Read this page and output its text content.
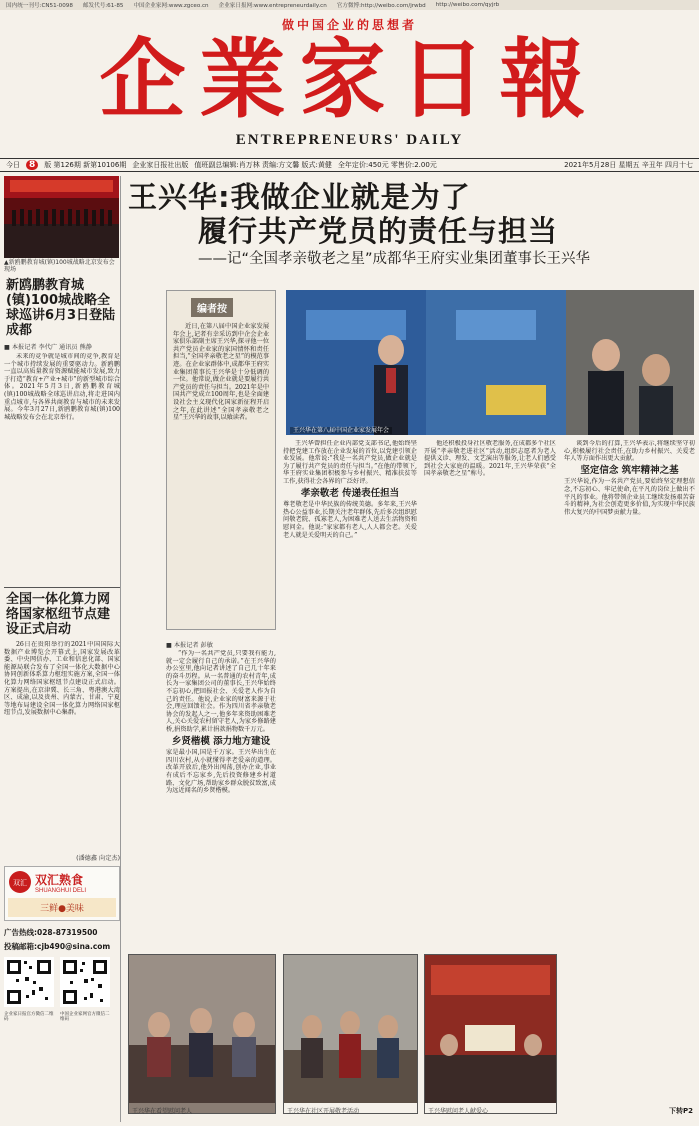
国内统一刊号:CN51-0098 邮发代号:61-85 中国企业家网:www.zgceo.cn 企业家日报网:www.entrepreneurdaily.cn 官方微博:http://weibo.com/jrwbd http://weibo.com/qyjrb
做中国企业的思想者
企業家日報
ENTREPRENEURS' DAILY
今日	8	版 第126期 新第10106期 企业家日报社出版 值班副总编辑:肖万林 责编:方文馨 版式:黄健 全年定价:450元 零售价:2.00元	2021年5月28日 星期五 辛丑年 四月十七
▲新鸥鹏教育城(镇)100城战略北京发布会现场
新鸥鹏教育城(镇)100城战略全球巡讲6月3日登陆成都
■ 本报记者 李代广 通讯员 熊静
未来的竞争就是城市间的竞争,教育是一个城市持续发展的重要驱动力。新鸥鹏一直以高质量教育资源赋能城市发展,致力于打造“教育+产业+城市”的新型城市综合体。2021年5月3日,新鸥鹏教育城(镇)100城战略全球巡讲启动,将走进国内重点城市,与各界共商教育与城市的未来发展。今年3月27日,新鸥鹏教育城(镇)100城战略发布会在北京举行。
全国一体化算力网络国家枢纽节点建设正式启动
26日在贵阳举行的2021中国国际大数据产业博览会开幕式上,国家发展改革委、中央网信办、工业和信息化部、国家能源局联合发布了全国一体化大数据中心协同创新体系算力枢纽实施方案,全国一体化算力网络国家枢纽节点建设正式启动。方案提出,在京津冀、长三角、粤港澳大湾区、成渝,以及贵州、内蒙古、甘肃、宁夏等地布局建设全国一体化算力网络国家枢纽节点,发展数据中心集群。
(潘德鑫 向定杰)
双汇 双汇熟食
SHUANGHUI DELI
三鲜●美味
广告热线:028-87319500
投稿邮箱:cjb490@sina.com
企业家日报官方微信二维码
中国企业家网官方微信二维码
王兴华:我做企业就是为了
履行共产党员的责任与担当
——记“全国孝亲敬老之星”成都华王府实业集团董事长王兴华
编者按
近日,在第八届中国企业家发展年会上,记者有幸采访到中企会企业家俱乐部副主席王兴华,探寻他一位共产党员企业家的家国情怀和责任担当,“全国孝亲敬老之星”的模范事迹。在企业家群体中,成都华王府实业集团董事长王兴华是十分低调的一位。他常说,做企业就是要履行共产党员的责任与担当。2021年是中国共产党成立100周年,也是全面建设社会主义现代化国家新征程开启之年,在此讲述“全国孝亲敬老之星”王兴华的故事,以飨读者。
■ 本报记者 彭敏
王兴华在第八届中国企业家发展年会
“作为一名共产党员,只要我有能力,就一定会履行自己的承诺。”在王兴华的办公室里,他向记者讲述了自己几十年来的奋斗历程。从一名普通的农村青年,成长为一家集团公司的董事长,王兴华始终不忘初心,把回报社会、关爱老人作为自己的责任。他说,企业家的财富来源于社会,理应回馈社会。作为四川省孝亲敬老协会的发起人之一,他多年来资助困难老人,关心关爱农村留守老人,为家乡修路建桥,捐资助学,累计捐款捐物数千万元。
乡贤楷模 添力地方建设
家是最小国,国是千万家。王兴华出生在四川农村,从小就懂得孝老爱亲的道理。改革开放后,他外出闯荡,创办企业,事业有成后不忘家乡,先后投资修建乡村道路、文化广场,帮助家乡群众脱贫致富,成为远近闻名的乡贤楷模。
王兴华曾担任企业内部党支部书记,他始终坚持把党建工作放在企业发展的首位,以党建引领企业发展。他常说:“我是一名共产党员,做企业就是为了履行共产党员的责任与担当。”在他的带领下,华王府实业集团积极参与乡村振兴、精准扶贫等工作,获得社会各界的广泛好评。
孝亲敬老 传递表任担当
尊老敬老是中华民族的传统美德。多年来,王兴华热心公益事业,长期关注老年群体,先后多次组织慰问敬老院、孤寡老人,为困难老人送去生活物资和慰问金。他说:“家家都有老人,人人都会老。关爱老人就是关爱明天的自己。”
他还积极投身社区敬老服务,在成都多个社区开展“孝亲敬老进社区”活动,组织志愿者为老人提供义诊、理发、文艺演出等服务,让老人们感受到社会大家庭的温暖。2021年,王兴华荣获“全国孝亲敬老之星”称号。
谈到今后的打算,王兴华表示,将继续坚守初心,积极履行社会责任,在助力乡村振兴、关爱老年人等方面作出更大贡献。
坚定信念 筑牢精神之基
王兴华说,作为一名共产党员,要始终坚定理想信念,不忘初心、牢记使命,在平凡的岗位上做出不平凡的事业。他将带领企业员工继续发扬艰苦奋斗的精神,为社会创造更多价值,为实现中华民族伟大复兴的中国梦贡献力量。
王兴华在看望慰问老人	王兴华在社区开展敬老活动	王兴华慰问老人献爱心	下转P2
